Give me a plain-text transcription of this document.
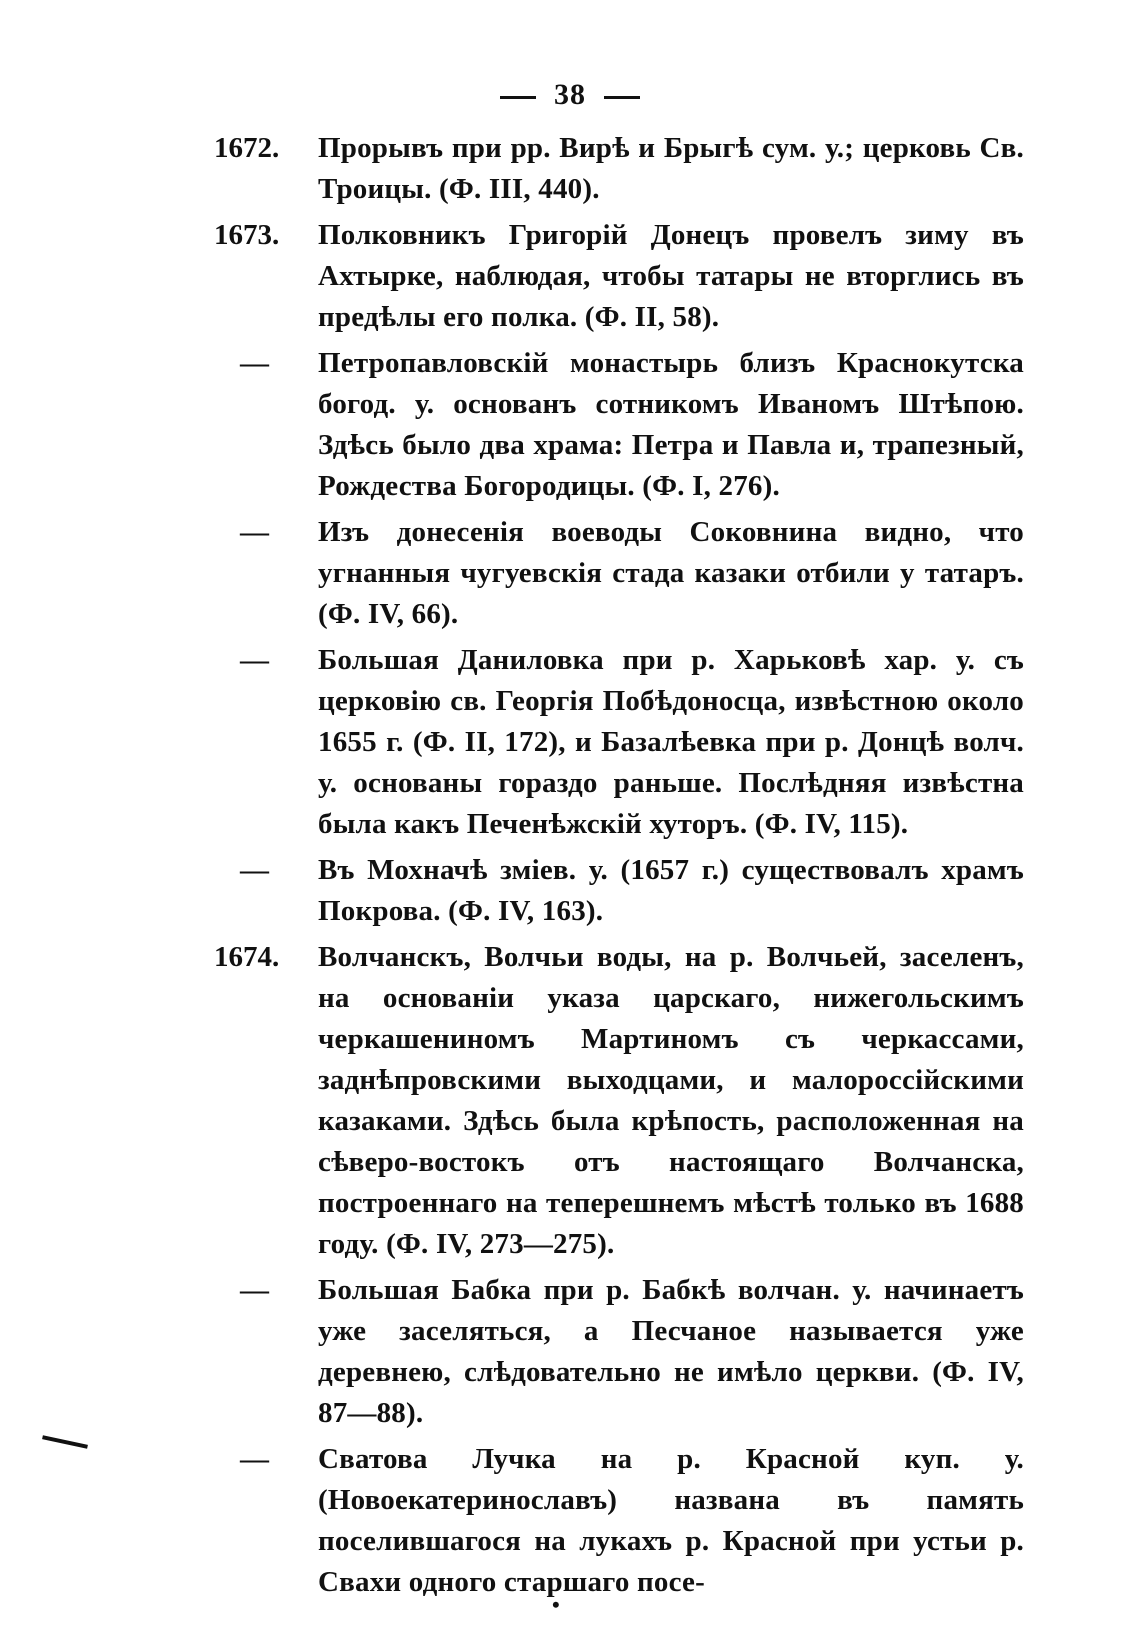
38
1672.	Прорывъ при рр. Вирѣ и Брыгѣ сум. у.; церковь Св. Троицы. (Ф. III, 440).
1673.	Полковникъ Григорій Донецъ провелъ зиму въ Ахтырке, наблюдая, чтобы татары не вторглись въ предѣлы его полка. (Ф. II, 58).
—	Петропавловскій монастырь близъ Краснокутска богод. у. основанъ сотникомъ Иваномъ Штѣпою. Здѣсь было два храма: Петра и Павла и, трапезный, Рождества Богородицы. (Ф. I, 276).
—	Изъ донесенія воеводы Соковнина видно, что угнанныя чугуевскія стада казаки отбили у татаръ. (Ф. IV, 66).
—	Большая Даниловка при р. Харьковѣ хар. у. съ церковію св. Георгія Побѣдоносца, извѣстною около 1655 г. (Ф. II, 172), и Базалѣевка при р. Донцѣ волч. у. основаны гораздо раньше. Послѣдняя извѣстна была какъ Печенѣжскій хуторъ. (Ф. IV, 115).
—	Въ Мохначѣ зміев. у. (1657 г.) существовалъ храмъ Покрова. (Ф. IV, 163).
1674.	Волчанскъ, Волчьи воды, на р. Волчьей, заселенъ, на основаніи указа царскаго, нижегольскимъ черкашениномъ Мартиномъ съ черкассами, заднѣпровскими выходцами, и малороссійскими казаками. Здѣсь была крѣпость, расположенная на сѣверо-востокъ отъ настоящаго Волчанска, построеннаго на теперешнемъ мѣстѣ только въ 1688 году. (Ф. IV, 273—275).
—	Большая Бабка при р. Бабкѣ волчан. у. начинаетъ уже заселяться, а Песчаное называется уже деревнею, слѣдовательно не имѣло церкви. (Ф. IV, 87—88).
—	Сватова Лучка на р. Красной куп. у. (Новоекатеринославъ) названа въ память поселившагося на лукахъ р. Красной при устьи р. Свахи одного старшаго посе-
•
